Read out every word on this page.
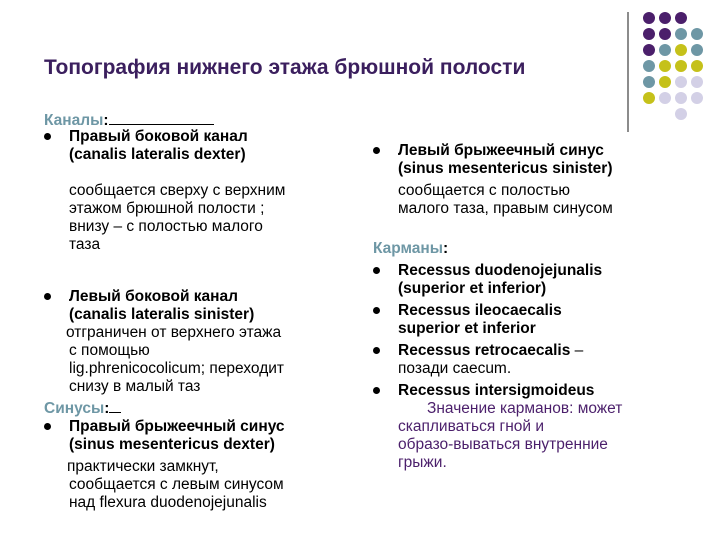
Топография нижнего этажа брюшной полости
Каналы:
Правый боковой канал
(canalis lateralis dexter)
сообщается сверху с верхним
этажом брюшной полости ;
внизу – с полостью малого
таза
Левый боковой канал
(canalis lateralis sinister)
отграничен от верхнего этажа
с помощью
lig.phrenicocolicum; переходит
снизу в малый таз
Синусы:
Правый брыжеечный синус
(sinus mesentericus dexter)
практически замкнут,
сообщается с левым синусом
над flexura duodenojejunalis
Левый брыжеечный синус
(sinus mesentericus sinister)
сообщается с полостью
малого таза, правым синусом
Карманы:
Recessus duodenojejunalis
(superior et inferior)
Recessus ileocaecalis
superior et inferior
Recessus retrocaecalis –
позади caecum.
Recessus intersigmoideus
Значение карманов: может
скапливаться гной и
образо-выватьcя внутренние
грыжи.
